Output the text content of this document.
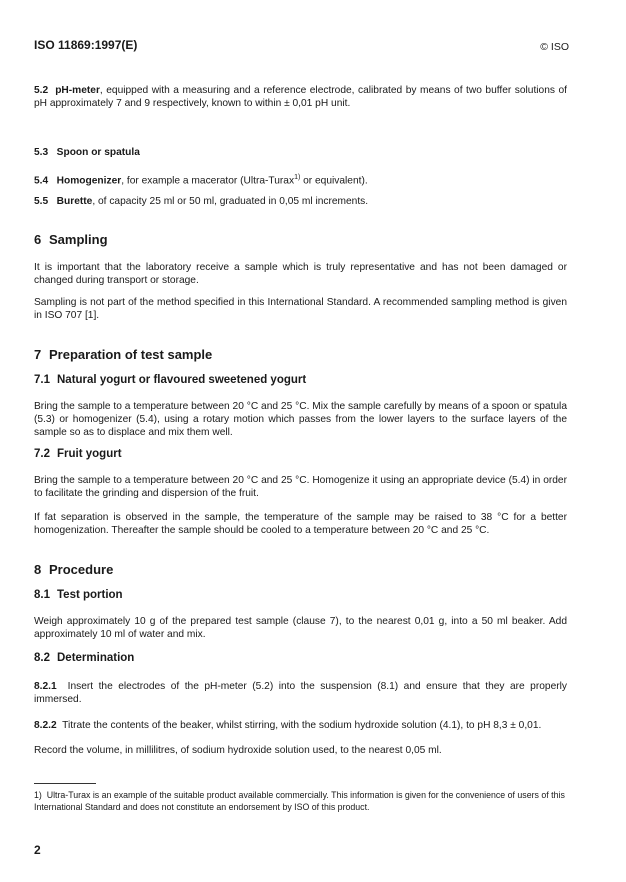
ISO 11869:1997(E)	© ISO

5.2 pH-meter, equipped with a measuring and a reference electrode, calibrated by means of two buffer solutions of pH approximately 7 and 9 respectively, known to within ± 0,01 pH unit.

5.3 Spoon or spatula

5.4 Homogenizer, for example a macerator (Ultra-Turax$^{1)}$ or equivalent).

5.5 Burette, of capacity 25 ml or 50 ml, graduated in 0,05 ml increments.

6 Sampling

It is important that the laboratory receive a sample which is truly representative and has not been damaged or changed during transport or storage.

Sampling is not part of the method specified in this International Standard. A recommended sampling method is given in ISO 707 [1].

7 Preparation of test sample
7.1 Natural yogurt or flavoured sweetened yogurt

Bring the sample to a temperature between 20 °C and 25 °C. Mix the sample carefully by means of a spoon or spatula (5.3) or homogenizer (5.4), using a rotary motion which passes from the lower layers to the surface layers of the sample so as to displace and mix them well.

7.2 Fruit yogurt

Bring the sample to a temperature between 20 °C and 25 °C. Homogenize it using an appropriate device (5.4) in order to facilitate the grinding and dispersion of the fruit.

If fat separation is observed in the sample, the temperature of the sample may be raised to 38 °C for a better homogenization. Thereafter the sample should be cooled to a temperature between 20 °C and 25 °C.

8 Procedure
8.1 Test portion

Weigh approximately 10 g of the prepared test sample (clause 7), to the nearest 0,01 g, into a 50 ml beaker. Add approximately 10 ml of water and mix.

8.2 Determination

8.2.1 Insert the electrodes of the pH-meter (5.2) into the suspension (8.1) and ensure that they are properly immersed.

8.2.2 Titrate the contents of the beaker, whilst stirring, with the sodium hydroxide solution (4.1), to pH 8,3 ± 0,01.

Record the volume, in millilitres, of sodium hydroxide solution used, to the nearest 0,05 ml.

1) Ultra-Turax is an example of the suitable product available commercially. This information is given for the convenience of users of this International Standard and does not constitute an endorsement by ISO of this product.

2
